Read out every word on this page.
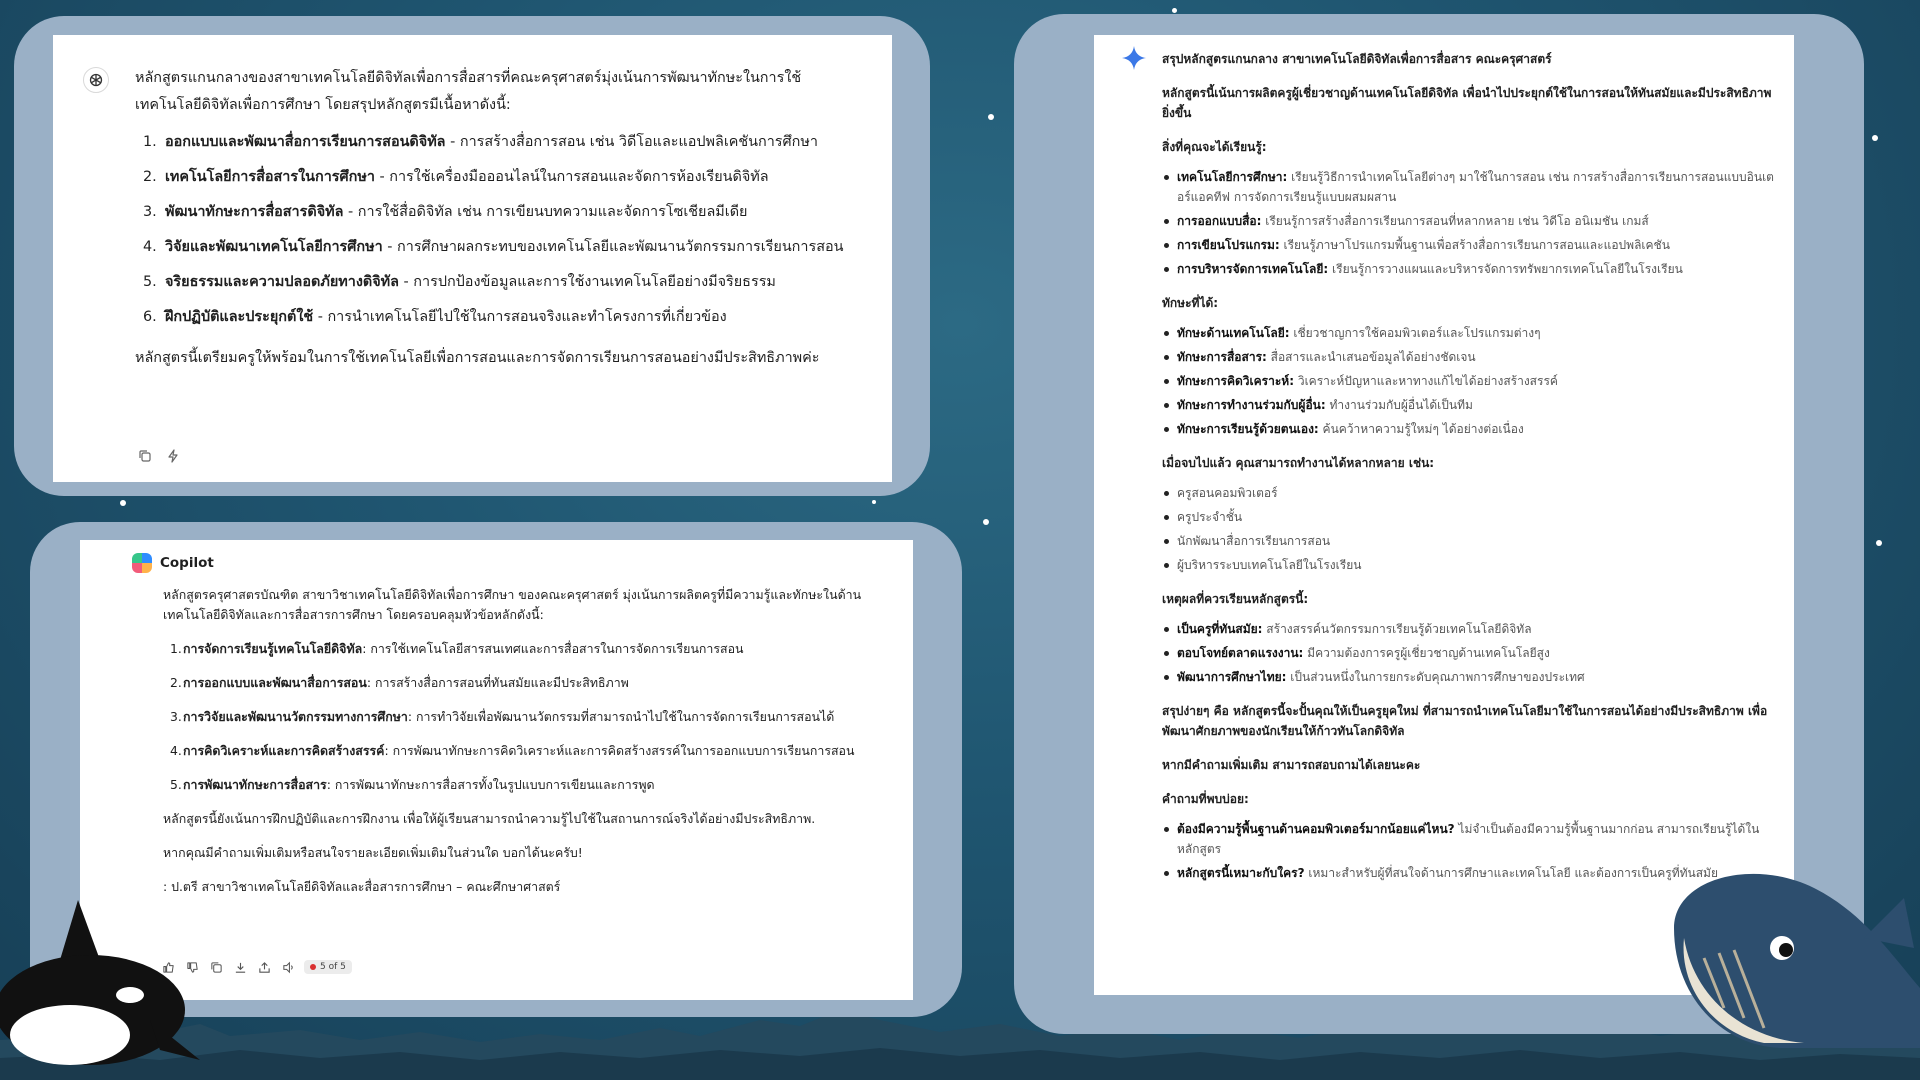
หลักสูตรแกนกลางของสาขาเทคโนโลยีดิจิทัลเพื่อการสื่อสารที่คณะครุศาสตร์มุ่งเน้นการพัฒนาทักษะในการใช้เทคโนโลยีดิจิทัลเพื่อการศึกษา โดยสรุปหลักสูตรมีเนื้อหาดังนี้:

1. ออกแบบและพัฒนาสื่อการเรียนการสอนดิจิทัล - การสร้างสื่อการสอน เช่น วิดีโอและแอปพลิเคชันการศึกษา
2. เทคโนโลยีการสื่อสารในการศึกษา - การใช้เครื่องมือออนไลน์ในการสอนและจัดการห้องเรียนดิจิทัล
3. พัฒนาทักษะการสื่อสารดิจิทัล - การใช้สื่อดิจิทัล เช่น การเขียนบทความและจัดการโซเชียลมีเดีย
4. วิจัยและพัฒนาเทคโนโลยีการศึกษา - การศึกษาผลกระทบของเทคโนโลยีและพัฒนานวัตกรรมการเรียนการสอน
5. จริยธรรมและความปลอดภัยทางดิจิทัล - การปกป้องข้อมูลและการใช้งานเทคโนโลยีอย่างมีจริยธรรม
6. ฝึกปฏิบัติและประยุกต์ใช้ - การนำเทคโนโลยีไปใช้ในการสอนจริงและทำโครงการที่เกี่ยวข้อง

หลักสูตรนี้เตรียมครูให้พร้อมในการใช้เทคโนโลยีเพื่อการสอนและการจัดการเรียนการสอนอย่างมีประสิทธิภาพค่ะ

Copilot

หลักสูตรครุศาสตรบัณฑิต สาขาวิชาเทคโนโลยีดิจิทัลเพื่อการศึกษา ของคณะครุศาสตร์ มุ่งเน้นการผลิตครูที่มีความรู้และทักษะในด้านเทคโนโลยีดิจิทัลและการสื่อสารการศึกษา โดยครอบคลุมหัวข้อหลักดังนี้:

1. การจัดการเรียนรู้เทคโนโลยีดิจิทัล: การใช้เทคโนโลยีสารสนเทศและการสื่อสารในการจัดการเรียนการสอน
2. การออกแบบและพัฒนาสื่อการสอน: การสร้างสื่อการสอนที่ทันสมัยและมีประสิทธิภาพ
3. การวิจัยและพัฒนานวัตกรรมทางการศึกษา: การทำวิจัยเพื่อพัฒนานวัตกรรมที่สามารถนำไปใช้ในการจัดการเรียนการสอนได้
4. การคิดวิเคราะห์และการคิดสร้างสรรค์: การพัฒนาทักษะการคิดวิเคราะห์และการคิดสร้างสรรค์ในการออกแบบการเรียนการสอน
5. การพัฒนาทักษะการสื่อสาร: การพัฒนาทักษะการสื่อสารทั้งในรูปแบบการเขียนและการพูด

หลักสูตรนี้ยังเน้นการฝึกปฏิบัติและการฝึกงาน เพื่อให้ผู้เรียนสามารถนำความรู้ไปใช้ในสถานการณ์จริงได้อย่างมีประสิทธิภาพ.

หากคุณมีคำถามเพิ่มเติมหรือสนใจรายละเอียดเพิ่มเติมในส่วนใด บอกได้นะครับ!

: ป.ตรี สาขาวิชาเทคโนโลยีดิจิทัลและสื่อสารการศึกษา – คณะศึกษาศาสตร์

5 of 5
สรุปหลักสูตรแกนกลาง สาขาเทคโนโลยีดิจิทัลเพื่อการสื่อสาร คณะครุศาสตร์
หลักสูตรนี้เน้นการผลิตครูผู้เชี่ยวชาญด้านเทคโนโลยีดิจิทัล เพื่อนำไปประยุกต์ใช้ในการสอนให้ทันสมัยและมีประสิทธิภาพยิ่งขึ้น
สิ่งที่คุณจะได้เรียนรู้:
เทคโนโลยีการศึกษา: เรียนรู้วิธีการนำเทคโนโลยีต่างๆ มาใช้ในการสอน เช่น การสร้างสื่อการเรียนการสอนแบบอินเตอร์แอคทีฟ การจัดการเรียนรู้แบบผสมผสาน
การออกแบบสื่อ: เรียนรู้การสร้างสื่อการเรียนการสอนที่หลากหลาย เช่น วิดีโอ อนิเมชัน เกมส์
การเขียนโปรแกรม: เรียนรู้ภาษาโปรแกรมพื้นฐานเพื่อสร้างสื่อการเรียนการสอนและแอปพลิเคชัน
การบริหารจัดการเทคโนโลยี: เรียนรู้การวางแผนและบริหารจัดการทรัพยากรเทคโนโลยีในโรงเรียน
ทักษะที่ได้:
ทักษะด้านเทคโนโลยี: เชี่ยวชาญการใช้คอมพิวเตอร์และโปรแกรมต่างๆ
ทักษะการสื่อสาร: สื่อสารและนำเสนอข้อมูลได้อย่างชัดเจน
ทักษะการคิดวิเคราะห์: วิเคราะห์ปัญหาและหาทางแก้ไขได้อย่างสร้างสรรค์
ทักษะการทำงานร่วมกับผู้อื่น: ทำงานร่วมกับผู้อื่นได้เป็นทีม
ทักษะการเรียนรู้ด้วยตนเอง: ค้นคว้าหาความรู้ใหม่ๆ ได้อย่างต่อเนื่อง
เมื่อจบไปแล้ว คุณสามารถทำงานได้หลากหลาย เช่น:
ครูสอนคอมพิวเตอร์
ครูประจำชั้น
นักพัฒนาสื่อการเรียนการสอน
ผู้บริหารระบบเทคโนโลยีในโรงเรียน
เหตุผลที่ควรเรียนหลักสูตรนี้:
เป็นครูที่ทันสมัย: สร้างสรรค์นวัตกรรมการเรียนรู้ด้วยเทคโนโลยีดิจิทัล
ตอบโจทย์ตลาดแรงงาน: มีความต้องการครูผู้เชี่ยวชาญด้านเทคโนโลยีสูง
พัฒนาการศึกษาไทย: เป็นส่วนหนึ่งในการยกระดับคุณภาพการศึกษาของประเทศ

สรุปง่ายๆ คือ หลักสูตรนี้จะปั้นคุณให้เป็นครูยุคใหม่ ที่สามารถนำเทคโนโลยีมาใช้ในการสอนได้อย่างมีประสิทธิภาพ เพื่อพัฒนาศักยภาพของนักเรียนให้ก้าวทันโลกดิจิทัล

หากมีคำถามเพิ่มเติม สามารถสอบถามได้เลยนะคะ

คำถามที่พบบ่อย:
ต้องมีความรู้พื้นฐานด้านคอมพิวเตอร์มากน้อยแค่ไหน? ไม่จำเป็นต้องมีความรู้พื้นฐานมากก่อน สามารถเรียนรู้ได้ในหลักสูตร
หลักสูตรนี้เหมาะกับใคร? เหมาะสำหรับผู้ที่สนใจด้านการศึกษาและเทคโนโลยี และต้องการเป็นครูที่ทันสมัย
